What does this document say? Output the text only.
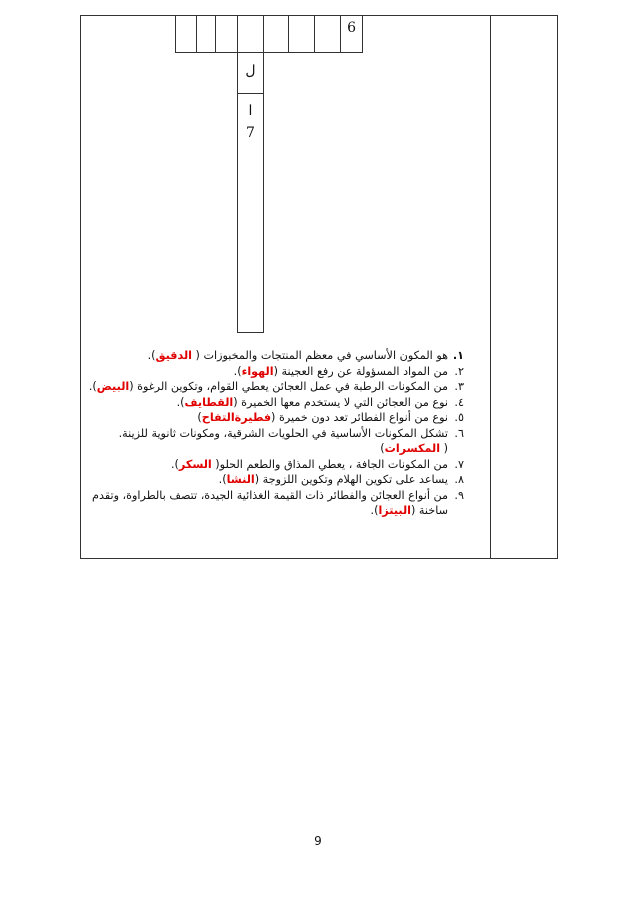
6
ل
ا
7
١.
هو المكون الأساسي في معظم المنتجات والمخبوزات ( الدقيق).
٢.
من المواد المسؤولة عن رفع العجينة (الهواء).
٣.
من المكونات الرطبة في عمل العجائن يعطي القوام، وتكوين الرغوة (البيض).
٤.
نوع من العجائن التي لا يستخدم معها الخميرة (القطايف).
٥.
نوع من أنواع الفطائر تعد دون خميرة (فطيرةالتفاح)
٦.
تشكل المكونات الأساسية في الحلويات الشرقية، ومكونات ثانوية للزينة.
( المكسرات)
٧.
من المكونات الجافة ، يعطي المذاق والطعم الحلو( السكر).
٨.
يساعد على تكوين الهلام وتكوين اللزوجة (النشا).
٩.
من أنواع العجائن والفطائر ذات القيمة الغذائية الجيدة، تتصف بالطراوة، وتقدم ساخنة (البيتزا).
9
